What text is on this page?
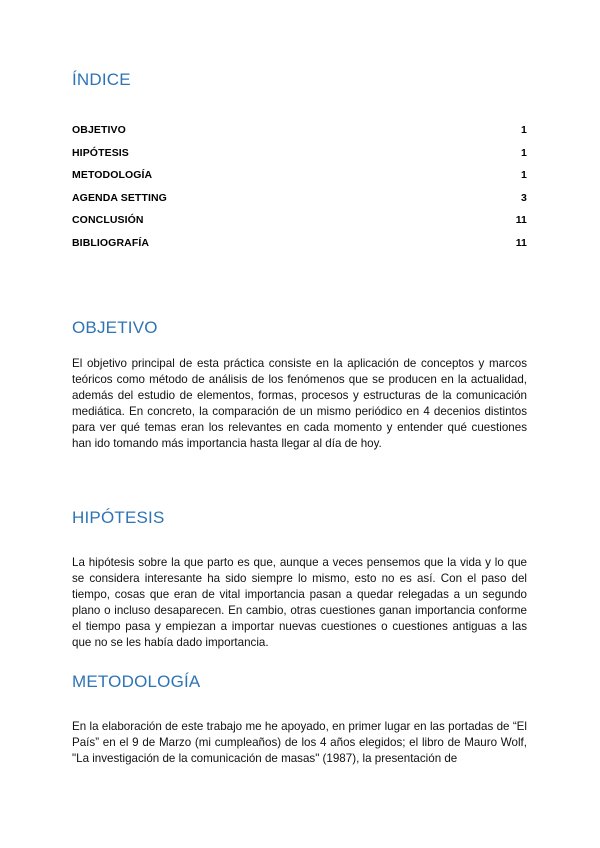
ÍNDICE
OBJETIVO	1
HIPÓTESIS	1
METODOLOGÍA	1
AGENDA SETTING	3
CONCLUSIÓN	11
BIBLIOGRAFÍA	11
OBJETIVO

El objetivo principal de esta práctica consiste en la aplicación de conceptos y marcos teóricos como método de análisis de los fenómenos que se producen en la actualidad, además del estudio de elementos, formas, procesos y estructuras de la comunicación mediática. En concreto, la comparación de un mismo periódico en 4 decenios distintos para ver qué temas eran los relevantes en cada momento y entender qué cuestiones han ido tomando más importancia hasta llegar al día de hoy.

HIPÓTESIS

La hipótesis sobre la que parto es que, aunque a veces pensemos que la vida y lo que se considera interesante ha sido siempre lo mismo, esto no es así. Con el paso del tiempo, cosas que eran de vital importancia pasan a quedar relegadas a un segundo plano o incluso desaparecen. En cambio, otras cuestiones ganan importancia conforme el tiempo pasa y empiezan a importar nuevas cuestiones o cuestiones antiguas a las que no se les había dado importancia.

METODOLOGÍA

En la elaboración de este trabajo me he apoyado, en primer lugar en las portadas de “El País” en el 9 de Marzo (mi cumpleaños) de los 4 años elegidos; el libro de Mauro Wolf, "La investigación de la comunicación de masas" (1987), la presentación de
